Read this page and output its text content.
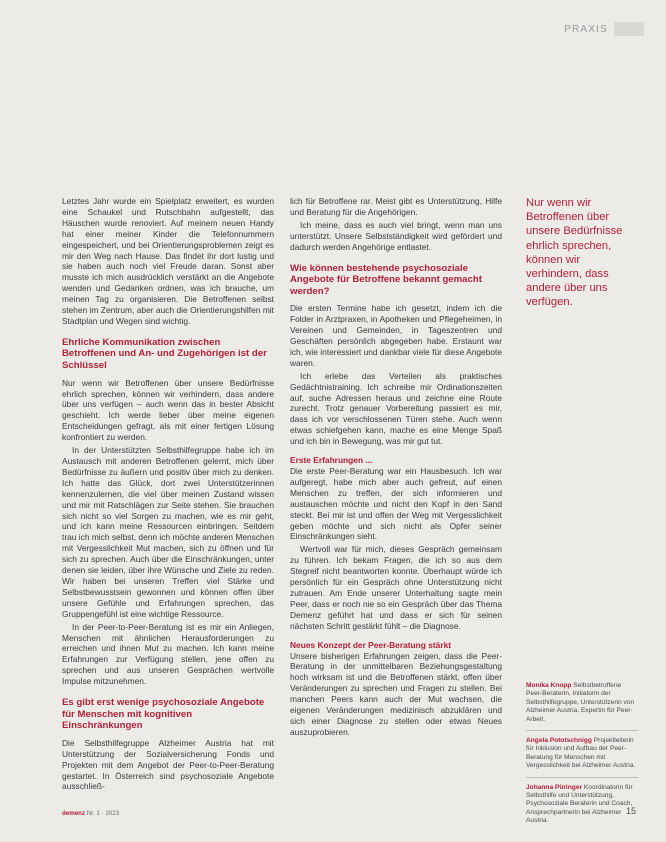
PRAXIS

Letztes Jahr wurde ein Spielplatz erweitert, es wurden eine Schaukel und Rutschbahn aufgestellt, das Häuschen wurde renoviert. Auf meinem neuen Handy hat einer meiner Kinder die Telefonnummern eingespeichert, und bei Orientierungsproblemen zeigt es mir den Weg nach Hause. Das findet ihr dort lustig und sie haben auch noch viel Freude daran. Sonst aber musste ich mich ausdrücklich verstärkt an die Angebote wenden und Gedanken ordnen, was ich brauche, um meinen Tag zu organisieren. Die Betroffenen selbst stehen im Zentrum, aber auch die Orientierungshilfen mit Stadtplan und Wegen sind wichtig.

Ehrliche Kommunikation zwischen Betroffenen und An- und Zugehörigen ist der Schlüssel

Nur wenn wir Betroffenen über unsere Bedürfnisse ehrlich sprechen, können wir verhindern, dass andere über uns verfügen – auch wenn das in bester Absicht geschieht. Ich werde lieber über meine eigenen Entscheidungen gefragt, als mit einer fertigen Lösung konfrontiert zu werden.

In der Unterstützten Selbsthilfegruppe habe ich im Austausch mit anderen Betroffenen gelernt, mich über Bedürfnisse zu äußern und positiv über mich zu denken. Ich hatte das Glück, dort zwei Unterstützerinnen kennenzulernen, die viel über meinen Zustand wissen und mir mit Ratschlägen zur Seite stehen. Sie brauchen sich nicht so viel Sorgen zu machen, wie es mir geht, und ich kann meine Ressourcen einbringen. Seitdem trau ich mich selbst, denn ich möchte anderen Menschen mit Vergesslichkeit Mut machen, sich zu öffnen und für sich zu sprechen. Auch über die Einschränkungen, unter denen sie leiden, über ihre Wünsche und Ziele zu reden. Wir haben bei unseren Treffen viel Stärke und Selbstbewusstsein gewonnen und können offen über unsere Gefühle und Erfahrungen sprechen, das Gruppengefühl ist eine wichtige Ressource.

In der Peer-to-Peer-Beratung ist es mir ein Anliegen, Menschen mit ähnlichen Herausforderungen zu erreichen und ihnen Mut zu machen. Ich kann meine Erfahrungen zur Verfügung stellen, jene offen zu sprechen und aus unseren Gesprächen wertvolle Impulse mitzunehmen.

Es gibt erst wenige psychosoziale Angebote für Menschen mit kognitiven Einschränkungen

Die Selbsthilfegruppe Alzheimer Austria hat mit Unterstützung der Sozialversicherung Fonds und Projekten mit dem Angebot der Peer-to-Peer-Beratung gestartet. In Österreich sind psychosoziale Angebote ausschließ-

lich für Betroffene rar. Meist gibt es Unterstützung, Hilfe und Beratung für die Angehörigen.

Ich meine, dass es auch viel bringt, wenn man uns unterstützt. Unsere Selbstständigkeit wird gefördert und dadurch werden Angehörige entlastet.

Wie können bestehende psychosoziale Angebote für Betroffene bekannt gemacht werden?

Die ersten Termine habe ich gesetzt, indem ich die Folder in Arztpraxen, in Apotheken und Pflegeheimen, in Vereinen und Gemeinden, in Tageszentren und Geschäften persönlich abgegeben habe. Erstaunt war ich, wie interessiert und dankbar viele für diese Angebote waren.

Ich erlebe das Verteilen als praktisches Gedächtnistraining. Ich schreibe mir Ordinationszeiten auf, suche Adressen heraus und zeichne eine Route zurecht. Trotz genauer Vorbereitung passiert es mir, dass ich vor verschlossenen Türen stehe. Auch wenn etwas schiefgehen kann, mache es eine Menge Spaß und ich bin in Bewegung, was mir gut tut.

Erste Erfahrungen ...

Die erste Peer-Beratung war ein Hausbesuch. Ich war aufgeregt, habe mich aber auch gefreut, auf einen Menschen zu treffen, der sich informieren und austauschen möchte und nicht den Kopf in den Sand steckt. Bei mir ist und offen der Weg mit Vergesslichkeit geben möchte und sich nicht als Opfer seiner Einschränkungen sieht.

Wertvoll war für mich, dieses Gespräch gemeinsam zu führen. Ich bekam Fragen, die ich so aus dem Stegreif nicht beantworten konnte. Überhaupt würde ich persönlich für ein Gespräch ohne Unterstützung nicht zutrauen. Am Ende unserer Unterhaltung sagte mein Peer, dass er noch nie so ein Gespräch über das Thema Demenz geführt hat und dass er sich für seinen nächsten Schritt gestärkt fühlt – die Diagnose.

Neues Konzept der Peer-Beratung stärkt

Unsere bisherigen Erfahrungen zeigen, dass die Peer-Beratung in der unmittelbaren Beziehungsgestaltung hoch wirksam ist und die Betroffenen stärkt, offen über Veränderungen zu sprechen und Fragen zu stellen. Bei manchen Peers kann auch der Mut wachsen, die eigenen Veränderungen medizinisch abzuklären und sich einer Diagnose zu stellen oder etwas Neues auszuprobieren.

Nur wenn wir Betroffenen über unsere Bedürfnisse ehrlich sprechen, können wir verhindern, dass andere über uns verfügen.
Monika Knopp Selbstbetroffene Peer-Beraterin, Initiatorin der Selbsthilfegruppe, Unterstützerin von Alzheimer Austria, Expertin für Peer-Arbeit.
Angela Pototschnigg Projektleiterin für Inklusion und Aufbau der Peer-Beratung für Menschen mit Vergesslichkeit bei Alzheimer Austria.
Johanna Püringer Koordinatorin für Selbsthilfe und Unterstützung, Psychosoziale Beraterin und Coach, Ansprechpartnerin bei Alzheimer Austria.
demenz Nr. 1 · 2023	15
